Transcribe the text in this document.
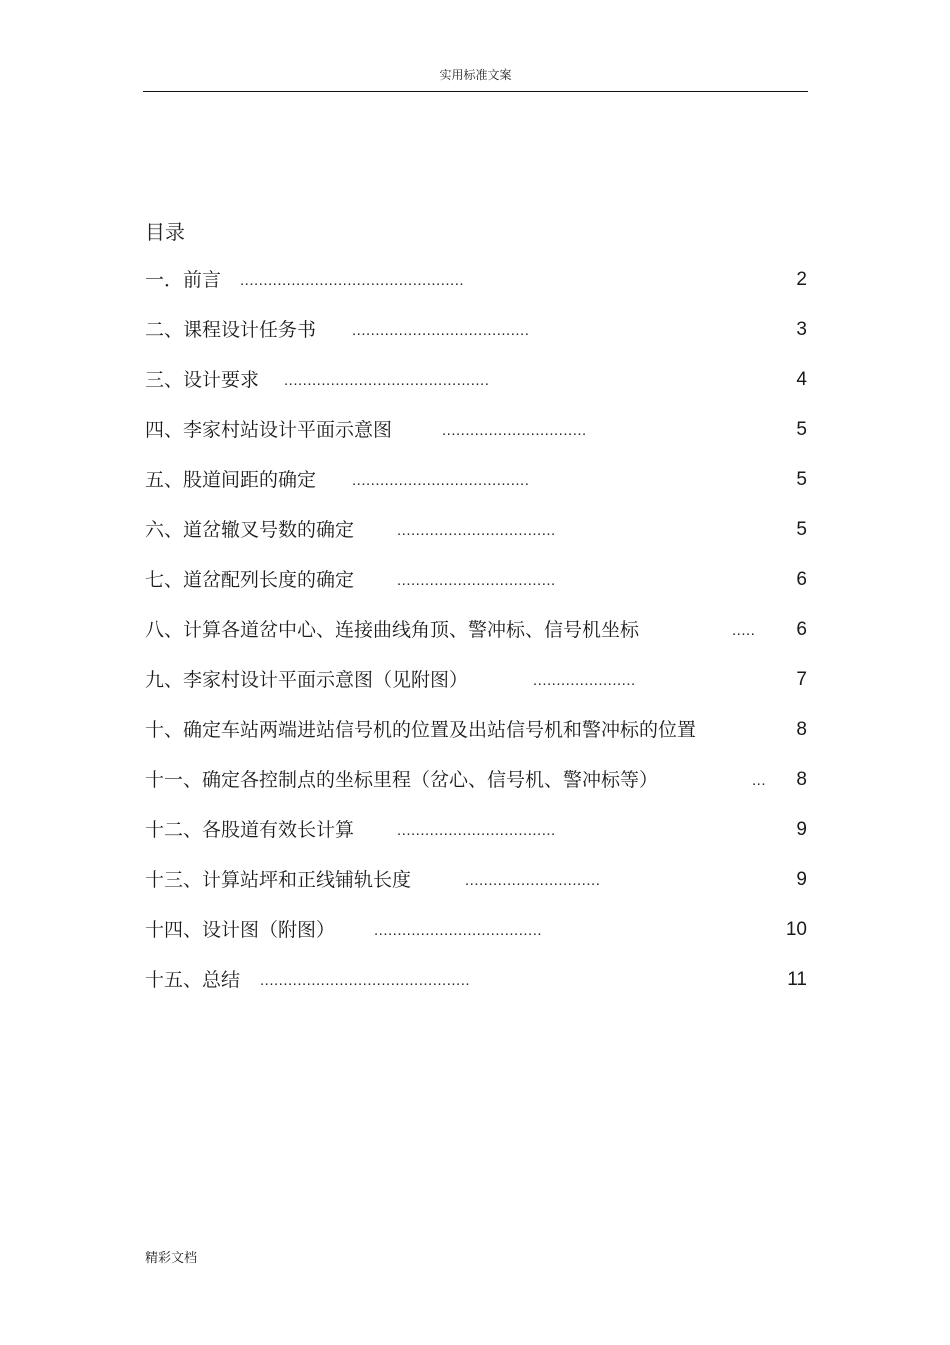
实用标准文案
目录
一．前言 ................................................	2
二、课程设计任务书 ......................................	3
三、设计要求 ............................................	4
四、李家村站设计平面示意图	...............................	5
五、股道间距的确定 ......................................	5
六、道岔辙叉号数的确定	..................................	5
七、道岔配列长度的确定	..................................	6
八、计算各道岔中心、连接曲线角顶、警冲标、信号机坐标	..... 6
九、李家村设计平面示意图（见附图）	......................	7
十、确定车站两端进站信号机的位置及出站信号机和警冲标的位置	8
十一、确定各控制点的坐标里程（岔心、信号机、警冲标等）	... 8
十二、各股道有效长计算	..................................	9
十三、计算站坪和正线铺轨长度	.............................	9
十四、设计图（附图）	....................................	10
十五、总结 .............................................	11
精彩文档
